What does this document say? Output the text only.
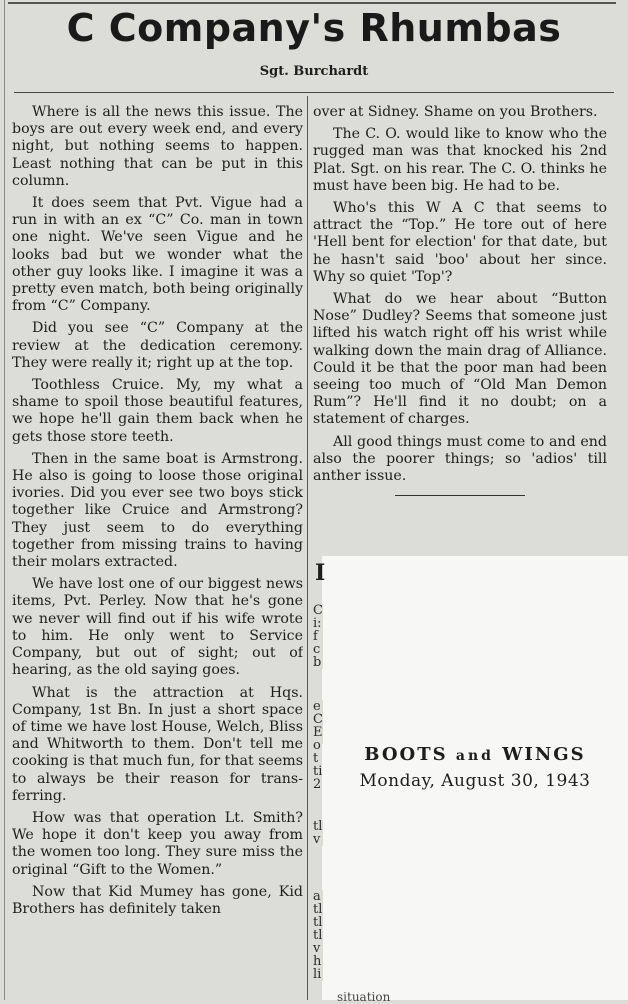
C Company's Rhumbas
Sgt. Burchardt

Where is all the news this issue. The boys are out every week end, and every night, but nothing seems to happen. Least nothing that can be put in this column.

It does seem that Pvt. Vigue had a run in with an ex “C” Co. man in town one night. We've seen Vigue and he looks bad but we wonder what the other guy looks like. I imagine it was a pretty even match, both being originally from “C” Company.

Did you see “C” Company at the review at the dedication ceremony. They were really it; right up at the top.

Toothless Cruice. My, my what a shame to spoil those beautiful features, we hope he'll gain them back when he gets those store teeth.

Then in the same boat is Armstrong. He also is going to loose those original ivories. Did you ever see two boys stick together like Cruice and Armstrong? They just seem to do everything together from missing trains to having their molars extracted.

We have lost one of our biggest news items, Pvt. Perley. Now that he's gone we never will find out if his wife wrote to him. He only went to Service Company, but out of sight; out of hearing, as the old saying goes.

What is the attraction at Hqs. Company, 1st Bn. In just a short space of time we have lost House, Welch, Bliss and Whitworth to them. Don't tell me cooking is that much fun, for that seems to always be their reason for transferring.

How was that operation Lt. Smith? We hope it don't keep you away from the women too long. They sure miss the original “Gift to the Women.”

Now that Kid Mumey has gone, Kid Brothers has definitely taken

over at Sidney. Shame on you Brothers.

The C. O. would like to know who the rugged man was that knocked his 2nd Plat. Sgt. on his rear. The C. O. thinks he must have been big. He had to be.

Who's this W A C that seems to attract the “Top.” He tore out of here 'Hell bent for election' for that date, but he hasn't said 'boo' about her since. Why so quiet 'Top'?

What do we hear about “Button Nose” Dudley? Seems that someone just lifted his watch right off his wrist while walking down the main drag of Alliance. Could it be that the poor man had been seeing too much of “Old Man Demon Rum”? He'll find it no doubt; on a statement of charges.

All good things must come to and end also the poorer things; so 'adios' till anther issue.

I
C
i:
f
c
b
e
C
E
o
t
ti
2
tl
v
a
tl
tl
tl
v
h
li
BOOTS and WINGS
Monday, August 30, 1943
situation
